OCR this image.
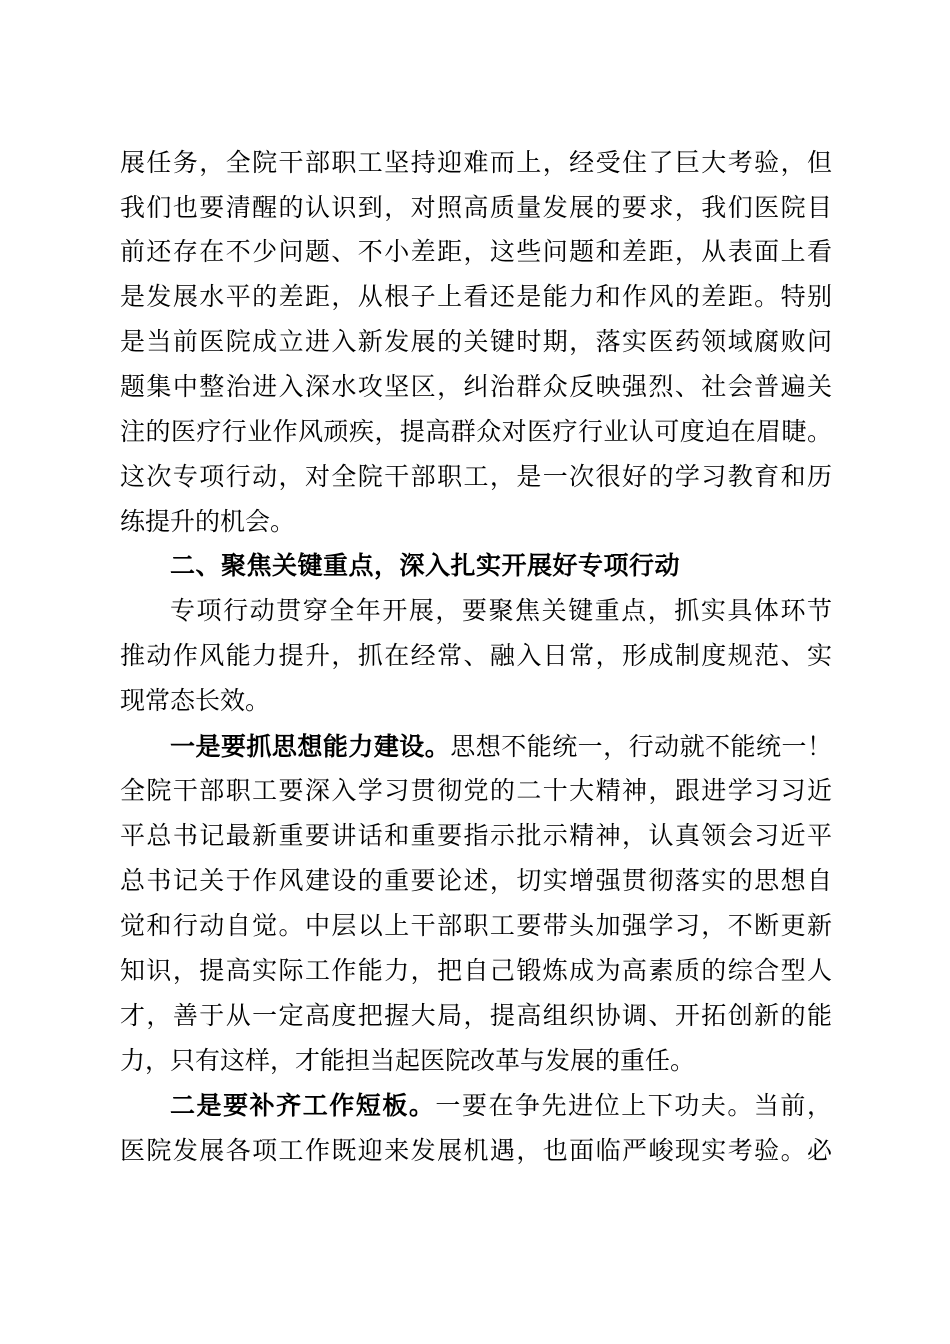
展任务，全院干部职工坚持迎难而上，经受住了巨大考验，但
我们也要清醒的认识到，对照高质量发展的要求，我们医院目
前还存在不少问题、不小差距，这些问题和差距，从表面上看
是发展水平的差距，从根子上看还是能力和作风的差距。特别
是当前医院成立进入新发展的关键时期，落实医药领域腐败问
题集中整治进入深水攻坚区，纠治群众反映强烈、社会普遍关
注的医疗行业作风顽疾，提高群众对医疗行业认可度迫在眉睫。
这次专项行动，对全院干部职工，是一次很好的学习教育和历
练提升的机会。
二、聚焦关键重点，深入扎实开展好专项行动
专项行动贯穿全年开展，要聚焦关键重点，抓实具体环节
推动作风能力提升，抓在经常、融入日常，形成制度规范、实
现常态长效。
一是要抓思想能力建设。思想不能统一，行动就不能统一！
全院干部职工要深入学习贯彻党的二十大精神，跟进学习习近
平总书记最新重要讲话和重要指示批示精神，认真领会习近平
总书记关于作风建设的重要论述，切实增强贯彻落实的思想自
觉和行动自觉。中层以上干部职工要带头加强学习，不断更新
知识，提高实际工作能力，把自己锻炼成为高素质的综合型人
才，善于从一定高度把握大局，提高组织协调、开拓创新的能
力，只有这样，才能担当起医院改革与发展的重任。
二是要补齐工作短板。一要在争先进位上下功夫。当前，
医院发展各项工作既迎来发展机遇，也面临严峻现实考验。必
